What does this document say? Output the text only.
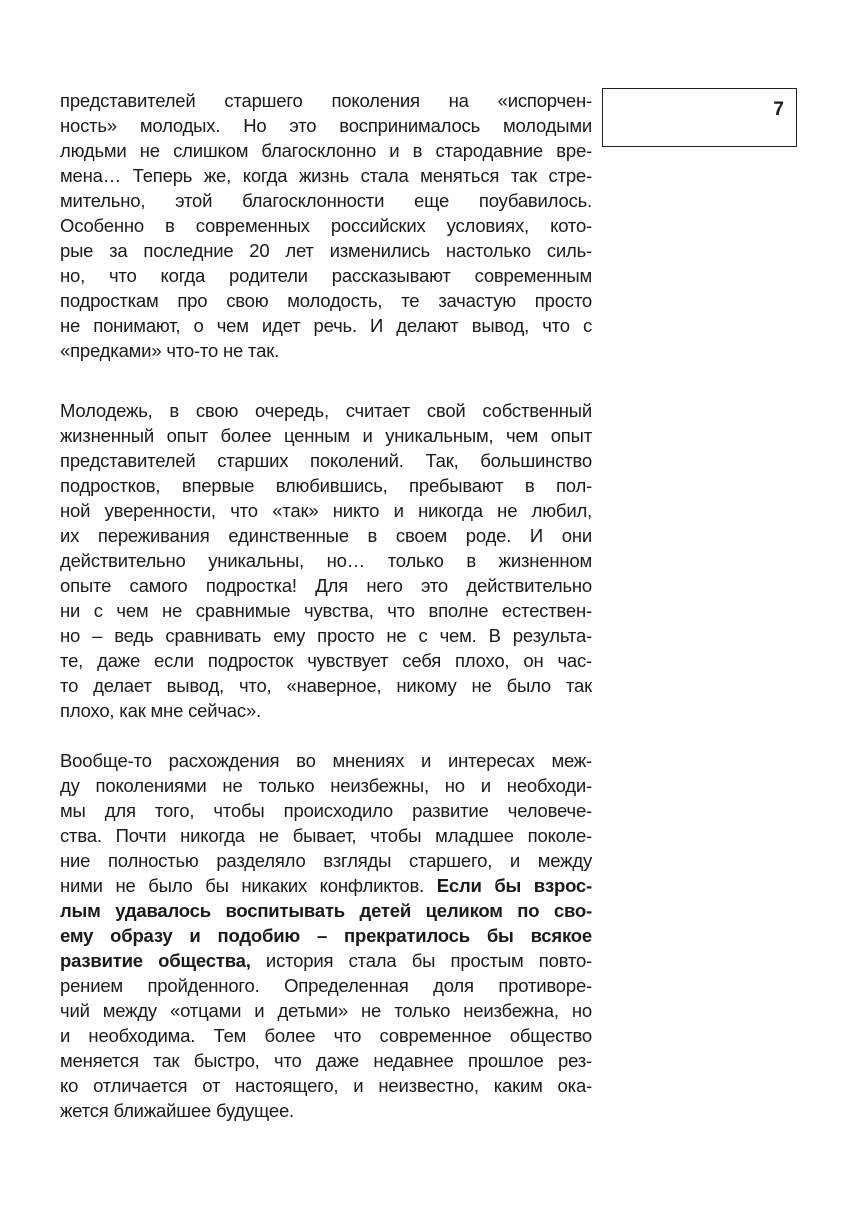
7
представителей старшего поколения на «испорчен-
ность» молодых. Но это воспринималось молодыми
людьми не слишком благосклонно и в стародавние вре-
мена… Теперь же, когда жизнь стала меняться так стре-
мительно, этой благосклонности еще поубавилось.
Особенно в современных российских условиях, кото-
рые за последние 20 лет изменились настолько силь-
но, что когда родители рассказывают современным
подросткам про свою молодость, те зачастую просто
не понимают, о чем идет речь. И делают вывод, что с
«предками» что-то не так.
Молодежь, в свою очередь, считает свой собственный
жизненный опыт более ценным и уникальным, чем опыт
представителей старших поколений. Так, большинство
подростков, впервые влюбившись, пребывают в пол-
ной уверенности, что «так» никто и никогда не любил,
их переживания единственные в своем роде. И они
действительно уникальны, но… только в жизненном
опыте самого подростка! Для него это действительно
ни с чем не сравнимые чувства, что вполне естествен-
но – ведь сравнивать ему просто не с чем. В результа-
те, даже если подросток чувствует себя плохо, он час-
то делает вывод, что, «наверное, никому не было так
плохо, как мне сейчас».
Вообще-то расхождения во мнениях и интересах меж-
ду поколениями не только неизбежны, но и необходи-
мы для того, чтобы происходило развитие человече-
ства. Почти никогда не бывает, чтобы младшее поколе-
ние полностью разделяло взгляды старшего, и между
ними не было бы никаких конфликтов. Если бы взрос-
лым удавалось воспитывать детей целиком по сво-
ему образу и подобию – прекратилось бы всякое
развитие общества, история стала бы простым повто-
рением пройденного. Определенная доля противоре-
чий между «отцами и детьми» не только неизбежна, но
и необходима. Тем более что современное общество
меняется так быстро, что даже недавнее прошлое рез-
ко отличается от настоящего, и неизвестно, каким ока-
жется ближайшее будущее.
